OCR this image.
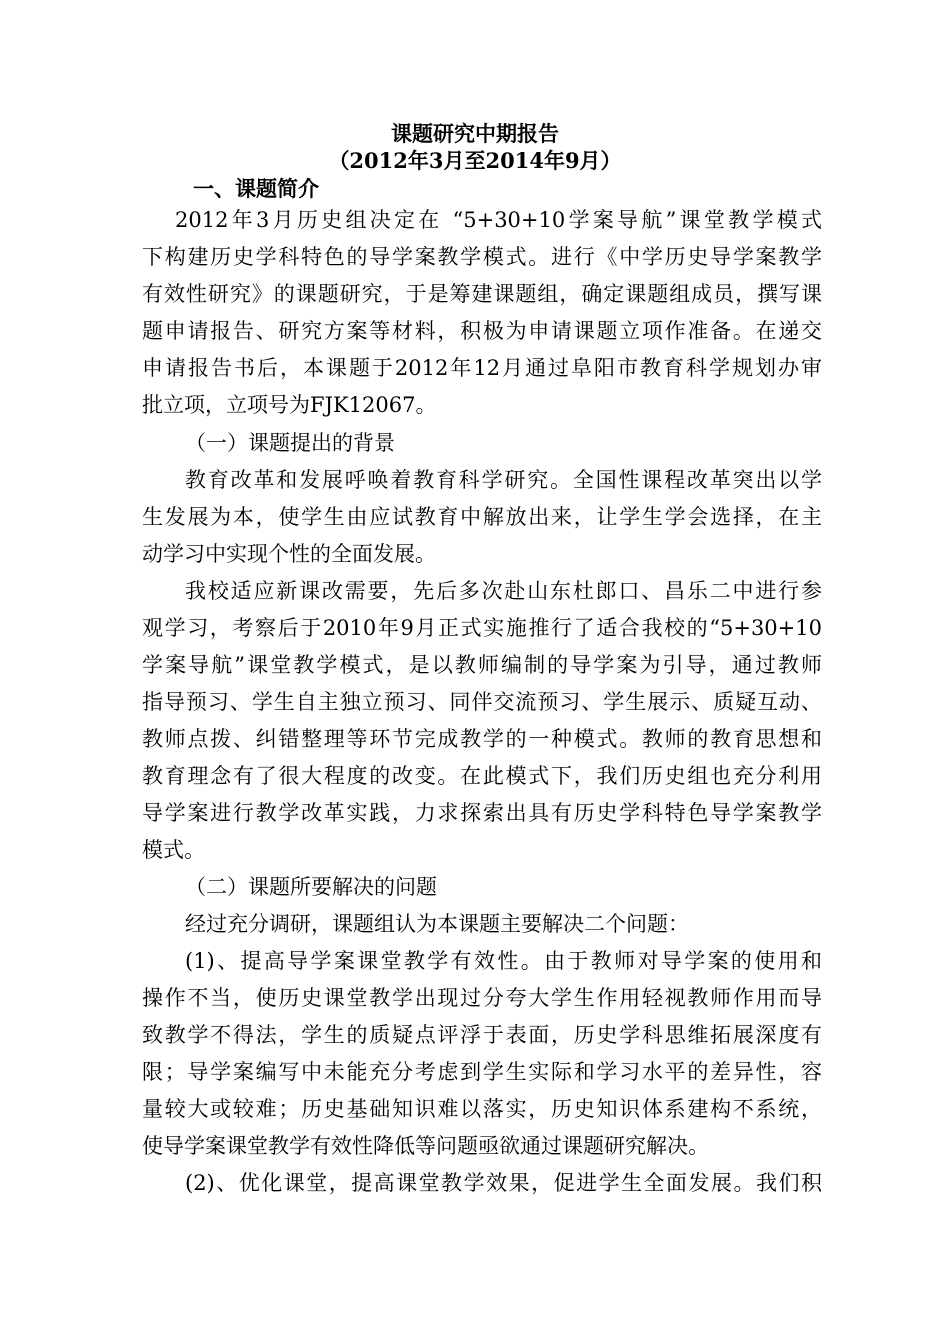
课题研究中期报告
（2012年3月至2014年9月）
一、课题简介
2012年3月历史组决定在 “5+30+10学案导航”课堂教学模式
下构建历史学科特色的导学案教学模式。进行《中学历史导学案教学
有效性研究》的课题研究，于是筹建课题组，确定课题组成员，撰写课
题申请报告、研究方案等材料，积极为申请课题立项作准备。在递交
申请报告书后，本课题于2012年12月通过阜阳市教育科学规划办审
批立项，立项号为FJK12067。
（一）课题提出的背景
教育改革和发展呼唤着教育科学研究。全国性课程改革突出以学
生发展为本，使学生由应试教育中解放出来，让学生学会选择，在主
动学习中实现个性的全面发展。
我校适应新课改需要，先后多次赴山东杜郎口、昌乐二中进行参
观学习，考察后于2010年9月正式实施推行了适合我校的“5+30+10
学案导航”课堂教学模式，是以教师编制的导学案为引导，通过教师
指导预习、学生自主独立预习、同伴交流预习、学生展示、质疑互动、
教师点拨、纠错整理等环节完成教学的一种模式。教师的教育思想和
教育理念有了很大程度的改变。在此模式下，我们历史组也充分利用
导学案进行教学改革实践，力求探索出具有历史学科特色导学案教学
模式。
（二）课题所要解决的问题
经过充分调研，课题组认为本课题主要解决二个问题：
(1)、提高导学案课堂教学有效性。由于教师对导学案的使用和
操作不当，使历史课堂教学出现过分夸大学生作用轻视教师作用而导
致教学不得法，学生的质疑点评浮于表面，历史学科思维拓展深度有
限；导学案编写中未能充分考虑到学生实际和学习水平的差异性，容
量较大或较难；历史基础知识难以落实，历史知识体系建构不系统，
使导学案课堂教学有效性降低等问题亟欲通过课题研究解决。
(2)、优化课堂，提高课堂教学效果，促进学生全面发展。我们积
